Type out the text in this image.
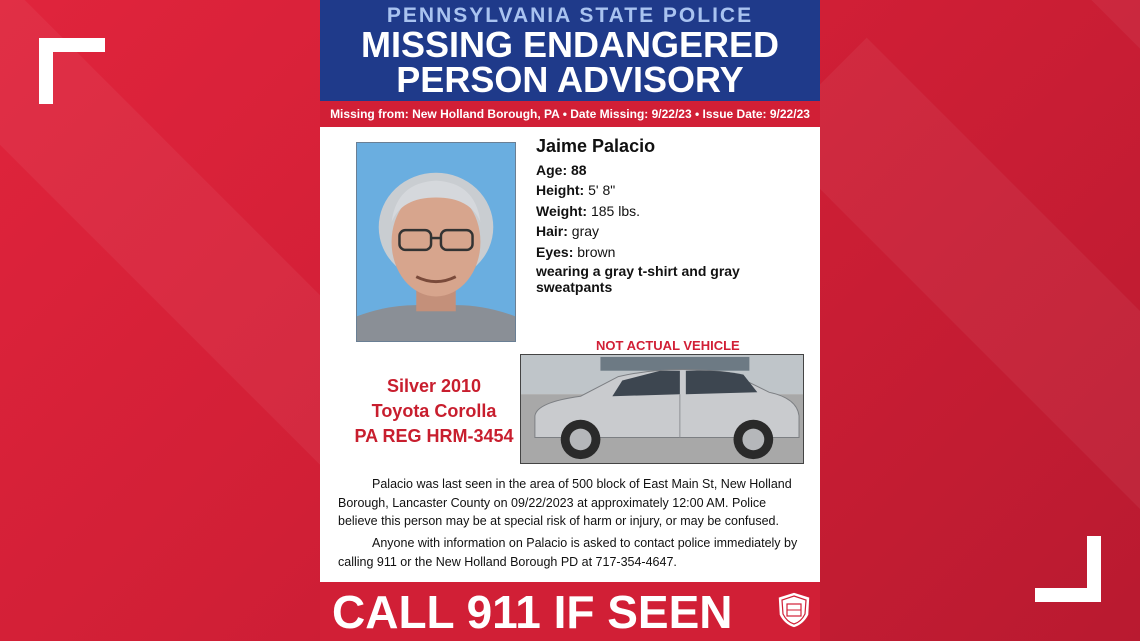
PENNSYLVANIA STATE POLICE
MISSING ENDANGERED
PERSON ADVISORY
Missing from: New Holland Borough, PA • Date Missing: 9/22/23 • Issue Date: 9/22/23
Jaime Palacio
Age: 88
Height: 5' 8"
Weight: 185 lbs.
Hair: gray
Eyes: brown
wearing a gray t-shirt and gray sweatpants
NOT ACTUAL VEHICLE
Silver 2010
Toyota Corolla
PA REG HRM-3454
Palacio was last seen in the area of 500 block of East Main St, New Holland Borough, Lancaster County on 09/22/2023 at approximately 12:00 AM. Police believe this person may be at special risk of harm or injury, or may be confused.
Anyone with information on Palacio is asked to contact police immediately by calling 911 or the New Holland Borough PD at 717-354-4647.
CALL 911 IF SEEN
